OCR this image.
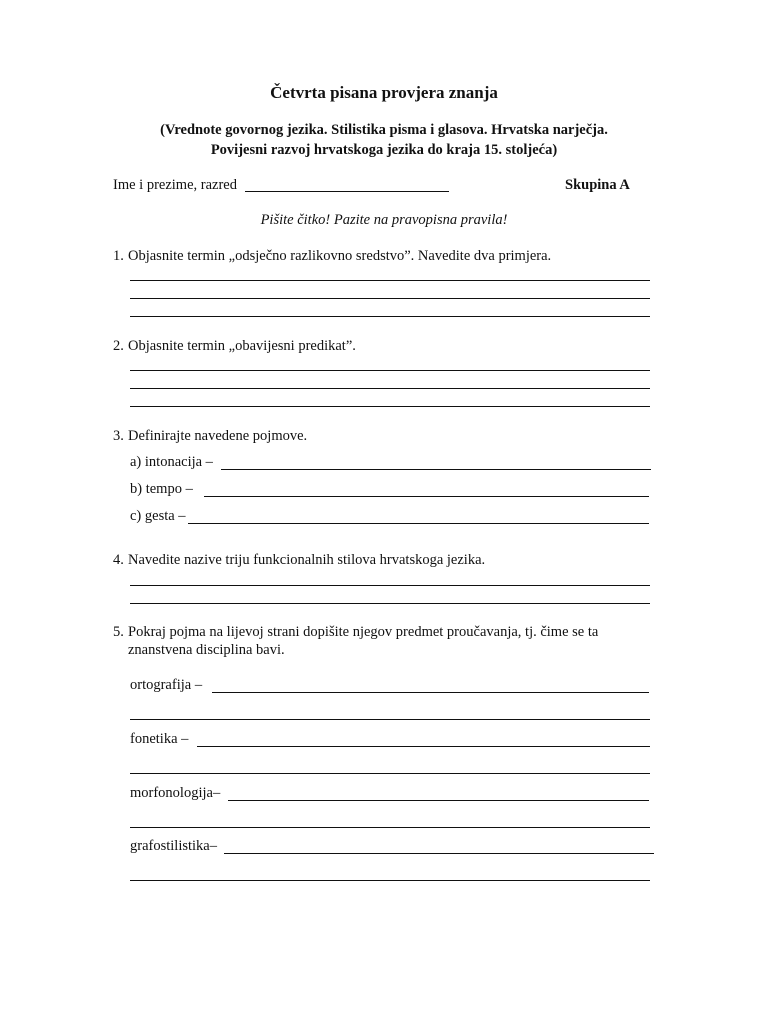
Četvrta pisana provjera znanja
(Vrednote govornog jezika. Stilistika pisma i glasova. Hrvatska narječja.
Povijesni razvoj hrvatskoga jezika do kraja 15. stoljeća)
Ime i prezime, razred	Skupina A
Pišite čitko! Pazite na pravopisna pravila!
1. Objasnite termin „odsječno razlikovno sredstvo”. Navedite dva primjera.
2. Objasnite termin „obavijesni predikat”.
3. Definirajte navedene pojmove.
a) intonacija –
b) tempo –
c) gesta –
4. Navedite nazive triju funkcionalnih stilova hrvatskoga jezika.
5. Pokraj pojma na lijevoj strani dopišite njegov predmet proučavanja, tj. čime se ta
znanstvena disciplina bavi.
ortografija –
fonetika –
morfonologija–
grafostilistika–
